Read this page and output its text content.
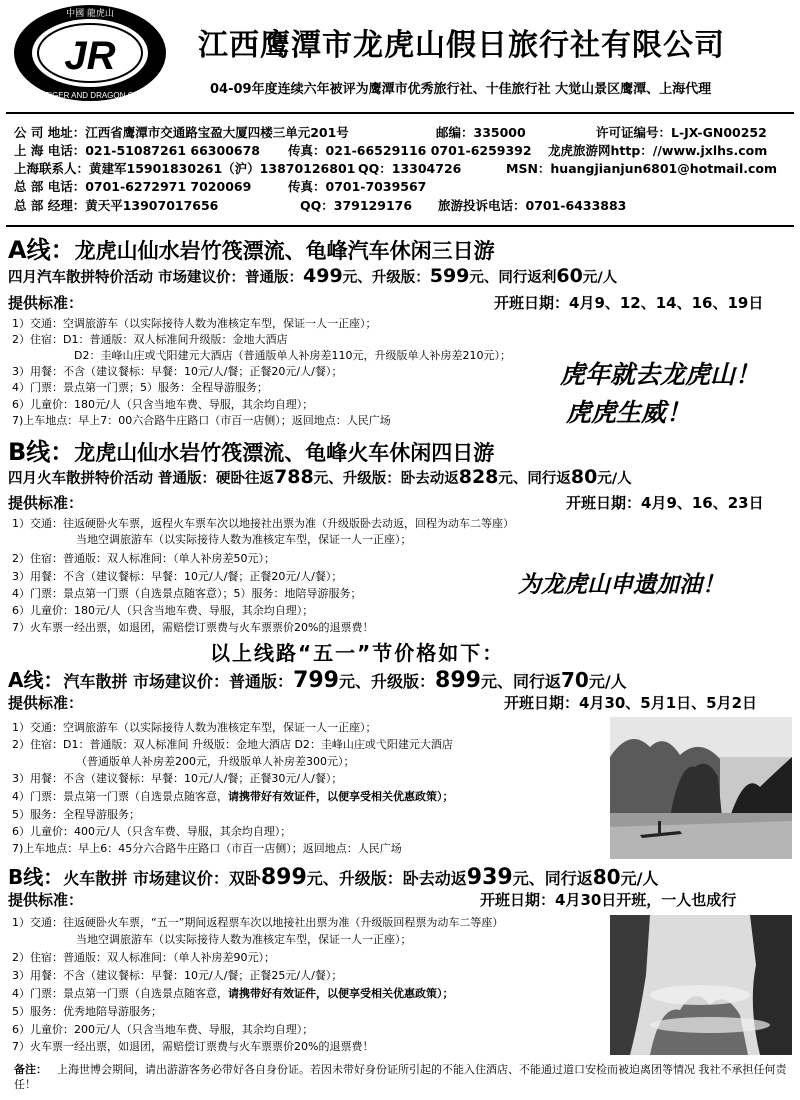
JR
中國 龍虎山
JMT TIGER AND DRAGON CHINA
江西鹰潭市龙虎山假日旅行社有限公司
04-09年度连续六年被评为鹰潭市优秀旅行社、十佳旅行社 大觉山景区鹰潭、上海代理
公 司 地址：江西省鹰潭市交通路宝盈大厦四楼三单元201号	邮编：335000	许可证编号：L-JX-GN00252
上 海 电话：021-51087261 66300678 传真：021-66529116 0701-6259392 龙虎旅游网http：//www.jxlhs.com
上海联系人：黄建军15901830261（沪）13870126801 QQ：13304726	MSN：huangjianjun6801@hotmail.com
总 部 电话：0701-6272971 7020069	传真：0701-7039567
总 部 经理：黄天平13907017656	QQ：379129176 旅游投诉电话：0701-6433883
A线：龙虎山仙水岩竹筏漂流、龟峰汽车休闲三日游
四月汽车散拼特价活动 市场建议价：普通版：499元、升级版：599元、同行返利60元/人
提供标准：	开班日期：4月9、12、14、16、19日
1）交通：空调旅游车（以实际接待人数为准核定车型，保证一人一正座）；
2）住宿：D1：普通版：双人标准间升级版：金地大酒店
D2：圭峰山庄或弋阳建元大酒店（普通版单人补房差110元，升级版单人补房差210元）；
3）用餐：不含（建议餐标：早餐：10元/人/餐；正餐20元/人/餐）；
4）门票：景点第一门票；5）服务：全程导游服务；
6）儿童价：180元/人（只含当地车费、导服，其余均自理）；
7)上车地点：早上7：00六合路牛庄路口（市百一店侧）；返回地点：人民广场
虎年就去龙虎山！
虎虎生威！
B线：龙虎山仙水岩竹筏漂流、龟峰火车休闲四日游
四月火车散拼特价活动 普通版：硬卧往返788元、升级版：卧去动返828元、同行返80元/人
提供标准：	开班日期：4月9、16、23日
1）交通：往返硬卧火车票，返程火车票车次以地接社出票为准（升级版卧去动返，回程为动车二等座）
当地空调旅游车（以实际接待人数为准核定车型，保证一人一正座）；
2）住宿：普通版：双人标准间：（单人补房差50元）；
3）用餐：不含（建议餐标：早餐：10元/人/餐；正餐20元/人/餐）；
4）门票：景点第一门票（自选景点随客意）；5）服务：地陪导游服务；
6）儿童价：180元/人（只含当地车费、导服，其余均自理）；
7）火车票一经出票，如退团，需赔偿订票费与火车票票价20%的退票费！
为龙虎山申遗加油！
以上线路“五一”节价格如下：
A线：汽车散拼 市场建议价：普通版：799元、升级版：899元、同行返70元/人
提供标准：	开班日期：4月30、5月1日、5月2日
1）交通：空调旅游车（以实际接待人数为准核定车型，保证一人一正座）；
2）住宿：D1：普通版：双人标准间 升级版：金地大酒店 D2：圭峰山庄或弋阳建元大酒店
（普通版单人补房差200元，升级版单人补房差300元）；
3）用餐：不含（建议餐标：早餐：10元/人/餐；正餐30元/人/餐）；
4）门票：景点第一门票（自选景点随客意，请携带好有效证件，以便享受相关优惠政策）；
5）服务：全程导游服务；
6）儿童价：400元/人（只含车费、导服，其余均自理）；
7)上车地点：早上6：45分六合路牛庄路口（市百一店侧）；返回地点：人民广场
B线：火车散拼 市场建议价：双卧899元、升级版：卧去动返939元、同行返80元/人
提供标准：	开班日期：4月30日开班，一人也成行
1）交通：往返硬卧火车票，“五一”期间返程票车次以地接社出票为准（升级版回程票为动车二等座）
当地空调旅游车（以实际接待人数为准核定车型，保证一人一正座）；
2）住宿：普通版：双人标准间：（单人补房差90元）；
3）用餐：不含（建议餐标：早餐：10元/人/餐；正餐25元/人/餐）；
4）门票：景点第一门票（自选景点随客意，请携带好有效证件，以便享受相关优惠政策）；
5）服务：优秀地陪导游服务；
6）儿童价：200元/人（只含当地车费、导服，其余均自理）；
7）火车票一经出票，如退团，需赔偿订票费与火车票票价20%的退票费！
备注： 上海世博会期间，请出游游客务必带好各自身份证。若因未带好身份证所引起的不能入住酒店、不能通过道口安检而被迫离团等情况 我社不承担任何责任！
